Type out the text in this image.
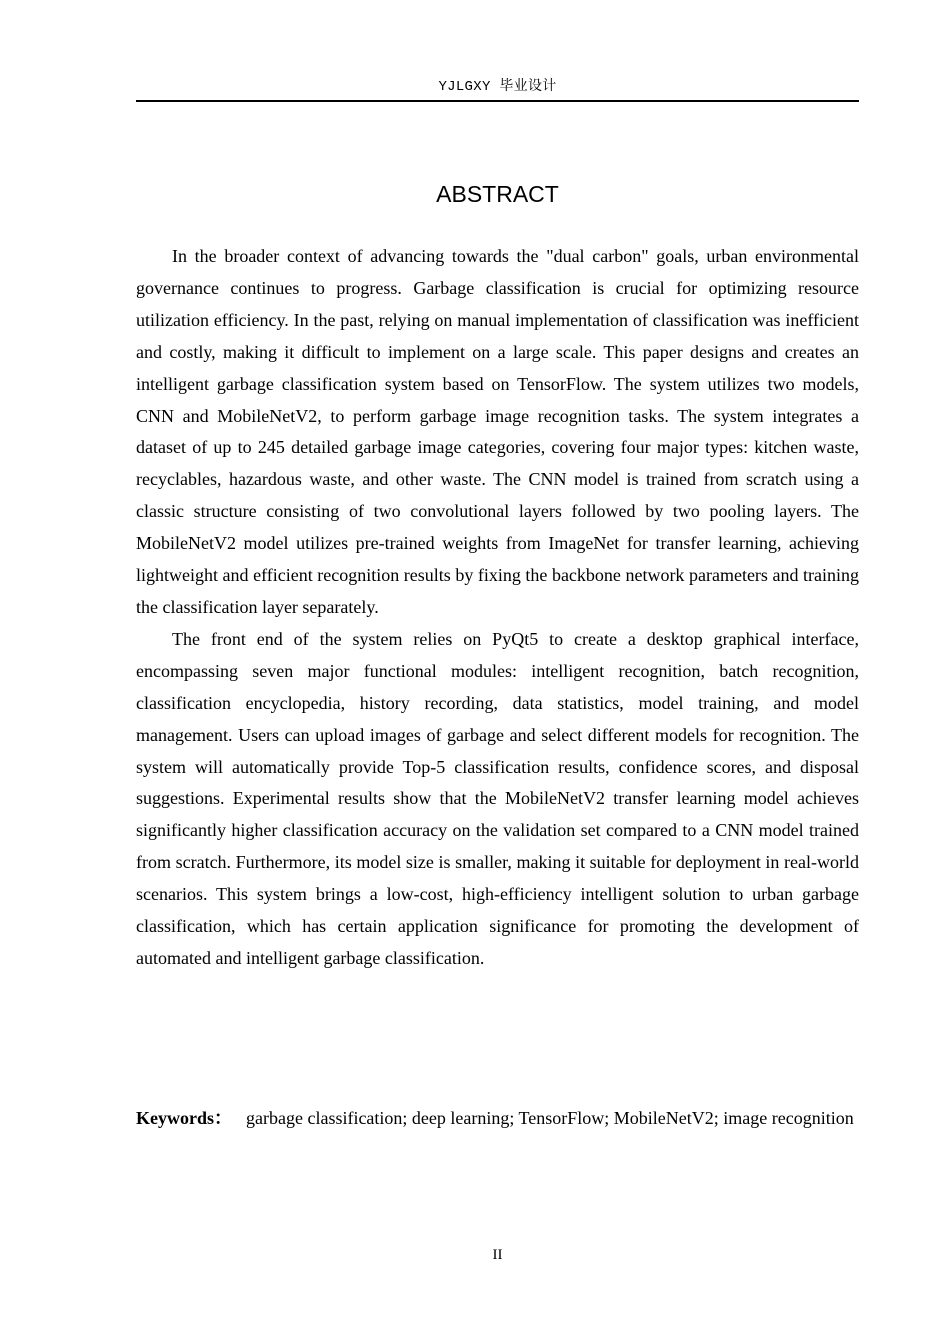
YJLGXY 毕业设计
ABSTRACT

In the broader context of advancing towards the "dual carbon" goals, urban environmental governance continues to progress. Garbage classification is crucial for optimizing resource utilization efficiency. In the past, relying on manual implementation of classification was inefficient and costly, making it difficult to implement on a large scale. This paper designs and creates an intelligent garbage classification system based on TensorFlow. The system utilizes two models, CNN and MobileNetV2, to perform garbage image recognition tasks. The system integrates a dataset of up to 245 detailed garbage image categories, covering four major types: kitchen waste, recyclables, hazardous waste, and other waste. The CNN model is trained from scratch using a classic structure consisting of two convolutional layers followed by two pooling layers. The MobileNetV2 model utilizes pre-trained weights from ImageNet for transfer learning, achieving lightweight and efficient recognition results by fixing the backbone network parameters and training the classification layer separately.

The front end of the system relies on PyQt5 to create a desktop graphical interface, encompassing seven major functional modules: intelligent recognition, batch recognition, classification encyclopedia, history recording, data statistics, model training, and model management. Users can upload images of garbage and select different models for recognition. The system will automatically provide Top-5 classification results, confidence scores, and disposal suggestions. Experimental results show that the MobileNetV2 transfer learning model achieves significantly higher classification accuracy on the validation set compared to a CNN model trained from scratch. Furthermore, its model size is smaller, making it suitable for deployment in real-world scenarios. This system brings a low-cost, high-efficiency intelligent solution to urban garbage classification, which has certain application significance for promoting the development of automated and intelligent garbage classification.

Keywords： garbage classification; deep learning; TensorFlow; MobileNetV2; image recognition
II
